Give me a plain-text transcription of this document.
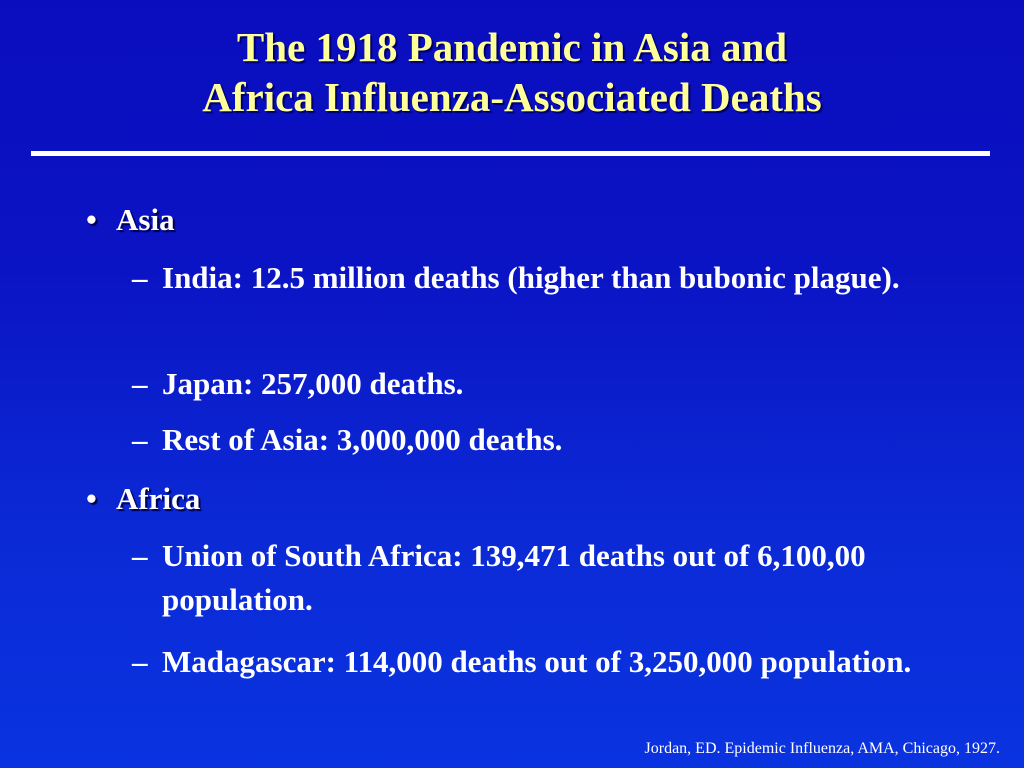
The 1918 Pandemic in Asia and
Africa Influenza-Associated Deaths
• Asia
– India: 12.5 million deaths (higher than bubonic plague).
– Japan: 257,000 deaths.
– Rest of Asia: 3,000,000 deaths.
• Africa
– Union of South Africa: 139,471 deaths out of 6,100,00 population.
– Madagascar: 114,000 deaths out of 3,250,000 population.
Jordan, ED. Epidemic Influenza, AMA, Chicago, 1927.
